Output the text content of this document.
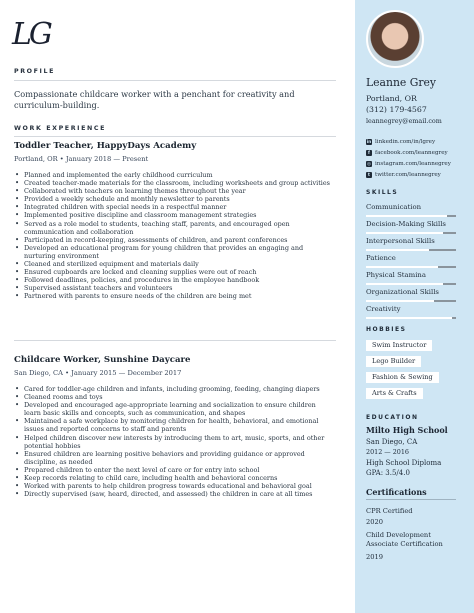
LG
PROFILE
Compassionate childcare worker with a penchant for creativity and curriculum-building.
WORK EXPERIENCE
Toddler Teacher, HappyDays Academy
Portland, OR • January 2018 — Present
• Planned and implemented the early childhood curriculum
• Created teacher-made materials for the classroom, including worksheets and group activities
• Collaborated with teachers on learning themes throughout the year
• Provided a weekly schedule and monthly newsletter to parents
• Integrated children with special needs in a respectful manner
• Implemented positive discipline and classroom management strategies
• Served as a role model to students, teaching staff, parents, and encouraged open communication and collaboration
• Participated in record-keeping, assessments of children, and parent conferences
• Developed an educational program for young children that provides an engaging and nurturing environment
• Cleaned and sterilized equipment and materials daily
• Ensured cupboards are locked and cleaning supplies were out of reach
• Followed deadlines, policies, and procedures in the employee handbook
• Supervised assistant teachers and volunteers
• Partnered with parents to ensure needs of the children are being met
Childcare Worker, Sunshine Daycare
San Diego, CA • January 2015 — December 2017
• Cared for toddler-age children and infants, including grooming, feeding, changing diapers
• Cleaned rooms and toys
• Developed and encouraged age-appropriate learning and socialization to ensure children learn basic skills and concepts, such as communication, and shapes
• Maintained a safe workplace by monitoring children for health, behavioral, and emotional issues and reported concerns to staff and parents
• Helped children discover new interests by introducing them to art, music, sports, and other potential hobbies
• Ensured children are learning positive behaviors and providing guidance or approved discipline, as needed
• Prepared children to enter the next level of care or for entry into school
• Keep records relating to child care, including health and behavioral concerns
• Worked with parents to help children progress towards educational and behavioral goal
• Directly supervised (saw, heard, directed, and assessed) the children in care at all times
Leanne Grey
Portland, OR
(312) 179-4567
leannegrey@email.com
in linkedin.com/in/lgrey
f facebook.com/leannegrey
◎ instagram.com/leannegrey
t twitter.com/leannegrey
SKILLS
Communication
Decision-Making Skills
Interpersonal Skills
Patience
Physical Stamina
Organizational Skills
Creativity
HOBBIES
Swim Instructor
Lego Builder
Fashion & Sewing
Arts & Crafts
EDUCATION
Milto High School
San Diego, CA
2012 — 2016
High School Diploma
GPA: 3.5/4.0
Certifications
CPR Certified
2020
Child Development Associate Certification
2019
